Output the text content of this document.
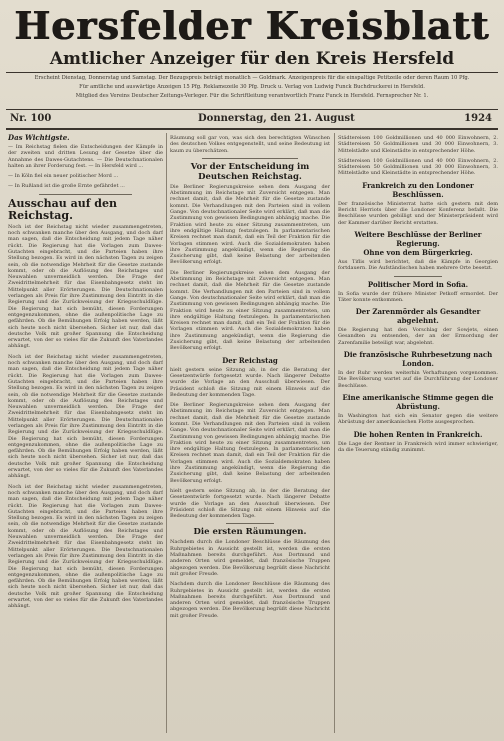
Hersfelder Kreisblatt
Amtlicher Anzeiger für den Kreis Hersfeld
Erscheint Dienstag, Donnerstag und Samstag. Der Bezugspreis beträgt monatlich — Goldmark. Anzeigenpreis für die einspaltige Petitzeile oder deren Raum 10 Pfg.
Für amtliche und auswärtige Anzeigen 15 Pfg. Reklamezeile 30 Pfg. Druck u. Verlag von Ludwig Funck Buchdruckerei in Hersfeld.
Mitglied des Vereins Deutscher Zeitungs-Verleger. Für die Schriftleitung verantwortlich Franz Funck in Hersfeld. Fernsprecher Nr. 1.
Nr. 100	Donnerstag, den 21. August	1924
Das Wichtigste.
— Im Reichstag fielen die Entscheidungen der Kämpfe in der zweiten und dritten Lesung der Gesetze über die Annahme des Dawes-Gutachtens. — Die Deutschnationalen halten an ihrer Forderung fest. — In Hersfeld wird ...
— In Köln fiel ein neuer politischer Mord ...
— In Rußland ist die große Ernte gefährdet ...
Ausschau auf den Reichstag.
Noch ist der Reichstag nicht wieder zusammengetreten, noch schwanken manche über den Ausgang, und doch darf man sagen, daß die Entscheidung mit jedem Tage näher rückt. Die Regierung hat die Vorlagen zum Dawes-Gutachten eingebracht, und die Parteien haben ihre Stellung bezogen. Es wird in den nächsten Tagen zu zeigen sein, ob die notwendige Mehrheit für die Gesetze zustande kommt, oder ob die Auflösung des Reichstages und Neuwahlen unvermeidlich werden. Die Frage der Zweidrittelmehrheit für das Eisenbahngesetz steht im Mittelpunkt aller Erörterungen. Die Deutschnationalen verlangen als Preis für ihre Zustimmung den Eintritt in die Regierung und die Zurückweisung der Kriegsschuldlüge. Die Regierung hat sich bemüht, diesen Forderungen entgegenzukommen, ohne die außenpolitische Lage zu gefährden. Ob die Bemühungen Erfolg haben werden, läßt sich heute noch nicht übersehen. Sicher ist nur, daß das deutsche Volk mit großer Spannung die Entscheidung erwartet, von der so vieles für die Zukunft des Vaterlandes abhängt.
Noch ist der Reichstag nicht wieder zusammengetreten, noch schwanken manche über den Ausgang, und doch darf man sagen, daß die Entscheidung mit jedem Tage näher rückt. Die Regierung hat die Vorlagen zum Dawes-Gutachten eingebracht, und die Parteien haben ihre Stellung bezogen. Es wird in den nächsten Tagen zu zeigen sein, ob die notwendige Mehrheit für die Gesetze zustande kommt, oder ob die Auflösung des Reichstages und Neuwahlen unvermeidlich werden. Die Frage der Zweidrittelmehrheit für das Eisenbahngesetz steht im Mittelpunkt aller Erörterungen. Die Deutschnationalen verlangen als Preis für ihre Zustimmung den Eintritt in die Regierung und die Zurückweisung der Kriegsschuldlüge. Die Regierung hat sich bemüht, diesen Forderungen entgegenzukommen, ohne die außenpolitische Lage zu gefährden. Ob die Bemühungen Erfolg haben werden, läßt sich heute noch nicht übersehen. Sicher ist nur, daß das deutsche Volk mit großer Spannung die Entscheidung erwartet, von der so vieles für die Zukunft des Vaterlandes abhängt.
Noch ist der Reichstag nicht wieder zusammengetreten, noch schwanken manche über den Ausgang, und doch darf man sagen, daß die Entscheidung mit jedem Tage näher rückt. Die Regierung hat die Vorlagen zum Dawes-Gutachten eingebracht, und die Parteien haben ihre Stellung bezogen. Es wird in den nächsten Tagen zu zeigen sein, ob die notwendige Mehrheit für die Gesetze zustande kommt, oder ob die Auflösung des Reichstages und Neuwahlen unvermeidlich werden. Die Frage der Zweidrittelmehrheit für das Eisenbahngesetz steht im Mittelpunkt aller Erörterungen. Die Deutschnationalen verlangen als Preis für ihre Zustimmung den Eintritt in die Regierung und die Zurückweisung der Kriegsschuldlüge. Die Regierung hat sich bemüht, diesen Forderungen entgegenzukommen, ohne die außenpolitische Lage zu gefährden. Ob die Bemühungen Erfolg haben werden, läßt sich heute noch nicht übersehen. Sicher ist nur, daß das deutsche Volk mit großer Spannung die Entscheidung erwartet, von der so vieles für die Zukunft des Vaterlandes abhängt.
Räumung soll gar von, was sich den berechtigten Wünschen des deutschen Volkes entgegenstellt, und seine Bedeutung ist kaum zu überschätzen.
Vor der Entscheidung im Deutschen Reichstag.
Die Berliner Regierungskreise sehen dem Ausgang der Abstimmung im Reichstage mit Zuversicht entgegen. Man rechnet damit, daß die Mehrheit für die Gesetze zustande kommt. Die Verhandlungen mit den Parteien sind in vollem Gange. Von deutschnationaler Seite wird erklärt, daß man die Zustimmung von gewissen Bedingungen abhängig mache. Die Fraktion wird heute zu einer Sitzung zusammentreten, um ihre endgültige Haltung festzulegen. In parlamentarischen Kreisen rechnet man damit, daß ein Teil der Fraktion für die Vorlagen stimmen wird. Auch die Sozialdemokraten haben ihre Zustimmung angekündigt, wenn die Regierung die Zusicherung gibt, daß keine Belastung der arbeitenden Bevölkerung erfolgt.
Die Berliner Regierungskreise sehen dem Ausgang der Abstimmung im Reichstage mit Zuversicht entgegen. Man rechnet damit, daß die Mehrheit für die Gesetze zustande kommt. Die Verhandlungen mit den Parteien sind in vollem Gange. Von deutschnationaler Seite wird erklärt, daß man die Zustimmung von gewissen Bedingungen abhängig mache. Die Fraktion wird heute zu einer Sitzung zusammentreten, um ihre endgültige Haltung festzulegen. In parlamentarischen Kreisen rechnet man damit, daß ein Teil der Fraktion für die Vorlagen stimmen wird. Auch die Sozialdemokraten haben ihre Zustimmung angekündigt, wenn die Regierung die Zusicherung gibt, daß keine Belastung der arbeitenden Bevölkerung erfolgt.
Der Reichstag
hielt gestern seine Sitzung ab, in der die Beratung der Gesetzentwürfe fortgesetzt wurde. Nach längerer Debatte wurde die Vorlage an den Ausschuß überwiesen. Der Präsident schloß die Sitzung mit einem Hinweis auf die Bedeutung der kommenden Tage.
Die Berliner Regierungskreise sehen dem Ausgang der Abstimmung im Reichstage mit Zuversicht entgegen. Man rechnet damit, daß die Mehrheit für die Gesetze zustande kommt. Die Verhandlungen mit den Parteien sind in vollem Gange. Von deutschnationaler Seite wird erklärt, daß man die Zustimmung von gewissen Bedingungen abhängig mache. Die Fraktion wird heute zu einer Sitzung zusammentreten, um ihre endgültige Haltung festzulegen. In parlamentarischen Kreisen rechnet man damit, daß ein Teil der Fraktion für die Vorlagen stimmen wird. Auch die Sozialdemokraten haben ihre Zustimmung angekündigt, wenn die Regierung die Zusicherung gibt, daß keine Belastung der arbeitenden Bevölkerung erfolgt.
hielt gestern seine Sitzung ab, in der die Beratung der Gesetzentwürfe fortgesetzt wurde. Nach längerer Debatte wurde die Vorlage an den Ausschuß überwiesen. Der Präsident schloß die Sitzung mit einem Hinweis auf die Bedeutung der kommenden Tage.
Die ersten Räumungen.
Nachdem durch die Londoner Beschlüsse die Räumung des Ruhrgebietes in Aussicht gestellt ist, werden die ersten Maßnahmen bereits durchgeführt. Aus Dortmund und anderen Orten wird gemeldet, daß französische Truppen abgezogen werden. Die Bevölkerung begrüßt diese Nachricht mit großer Freude.
Nachdem durch die Londoner Beschlüsse die Räumung des Ruhrgebietes in Aussicht gestellt ist, werden die ersten Maßnahmen bereits durchgeführt. Aus Dortmund und anderen Orten wird gemeldet, daß französische Truppen abgezogen werden. Die Bevölkerung begrüßt diese Nachricht mit großer Freude.
Städtereisen 100 Goldmillionen und 40 000 Einwohnern, 2. Städtereisen 50 Goldmillionen und 30 000 Einwohnern, 3. Mittelstädte und Kleinstädte in entsprechender Höhe.
Städtereisen 100 Goldmillionen und 40 000 Einwohnern, 2. Städtereisen 50 Goldmillionen und 30 000 Einwohnern, 3. Mittelstädte und Kleinstädte in entsprechender Höhe.
Frankreich zu den Londoner Beschlüssen.
Der französische Ministerrat hatte sich gestern mit dem Bericht Herriots über die Londoner Konferenz befaßt. Die Beschlüsse wurden gebilligt und der Ministerpräsident wird der Kammer darüber Bericht erstatten.
Weitere Beschlüsse der Berliner Regierung.
Ohne von dem Bürgerkrieg.
Aus Tiflis wird berichtet, daß die Kämpfe in Georgien fortdauern. Die Aufständischen haben mehrere Orte besetzt.
Politischer Mord in Sofia.
In Sofia wurde der frühere Minister Petkoff ermordet. Der Täter konnte entkommen.
Der Zarenmörder als Gesandter abgelehnt.
Die Regierung hat den Vorschlag der Sowjets, einen Gesandten zu entsenden, der an der Ermordung der Zarenfamilie beteiligt war, abgelehnt.
Die französische Ruhrbesetzung nach London.
In der Ruhr werden weiterhin Verhaftungen vorgenommen. Die Bevölkerung wartet auf die Durchführung der Londoner Beschlüsse.
Eine amerikanische Stimme gegen die Abrüstung.
In Washington hat sich ein Senator gegen die weitere Abrüstung der amerikanischen Flotte ausgesprochen.
Die hohen Renten in Frankreich.
Die Lage der Rentner in Frankreich wird immer schwieriger, da die Teuerung ständig zunimmt.
